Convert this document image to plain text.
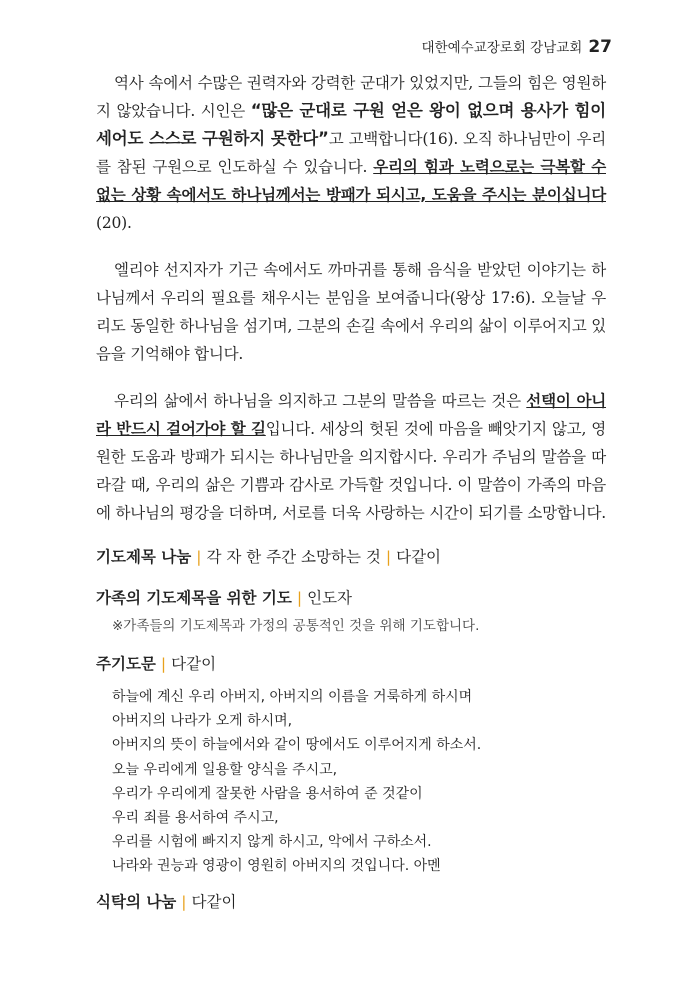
대한예수교장로회 강남교회 27

역사 속에서 수많은 권력자와 강력한 군대가 있었지만, 그들의 힘은 영원하지 않았습니다. 시인은 “많은 군대로 구원 얻은 왕이 없으며 용사가 힘이 세어도 스스로 구원하지 못한다”고 고백합니다(16). 오직 하나님만이 우리를 참된 구원으로 인도하실 수 있습니다. 우리의 힘과 노력으로는 극복할 수 없는 상황 속에서도 하나님께서는 방패가 되시고, 도움을 주시는 분이십니다(20).

엘리야 선지자가 기근 속에서도 까마귀를 통해 음식을 받았던 이야기는 하나님께서 우리의 필요를 채우시는 분임을 보여줍니다(왕상 17:6). 오늘날 우리도 동일한 하나님을 섬기며, 그분의 손길 속에서 우리의 삶이 이루어지고 있음을 기억해야 합니다.

우리의 삶에서 하나님을 의지하고 그분의 말씀을 따르는 것은 선택이 아니라 반드시 걸어가야 할 길입니다. 세상의 헛된 것에 마음을 빼앗기지 않고, 영원한 도움과 방패가 되시는 하나님만을 의지합시다. 우리가 주님의 말씀을 따라갈 때, 우리의 삶은 기쁨과 감사로 가득할 것입니다. 이 말씀이 가족의 마음에 하나님의 평강을 더하며, 서로를 더욱 사랑하는 시간이 되기를 소망합니다.

기도제목 나눔 | 각 자 한 주간 소망하는 것 | 다같이
가족의 기도제목을 위한 기도 | 인도자
※가족들의 기도제목과 가정의 공통적인 것을 위해 기도합니다.
주기도문 | 다같이
하늘에 계신 우리 아버지, 아버지의 이름을 거룩하게 하시며
아버지의 나라가 오게 하시며,
아버지의 뜻이 하늘에서와 같이 땅에서도 이루어지게 하소서.
오늘 우리에게 일용할 양식을 주시고,
우리가 우리에게 잘못한 사람을 용서하여 준 것같이
우리 죄를 용서하여 주시고,
우리를 시험에 빠지지 않게 하시고, 악에서 구하소서.
나라와 권능과 영광이 영원히 아버지의 것입니다. 아멘
식탁의 나눔 | 다같이
